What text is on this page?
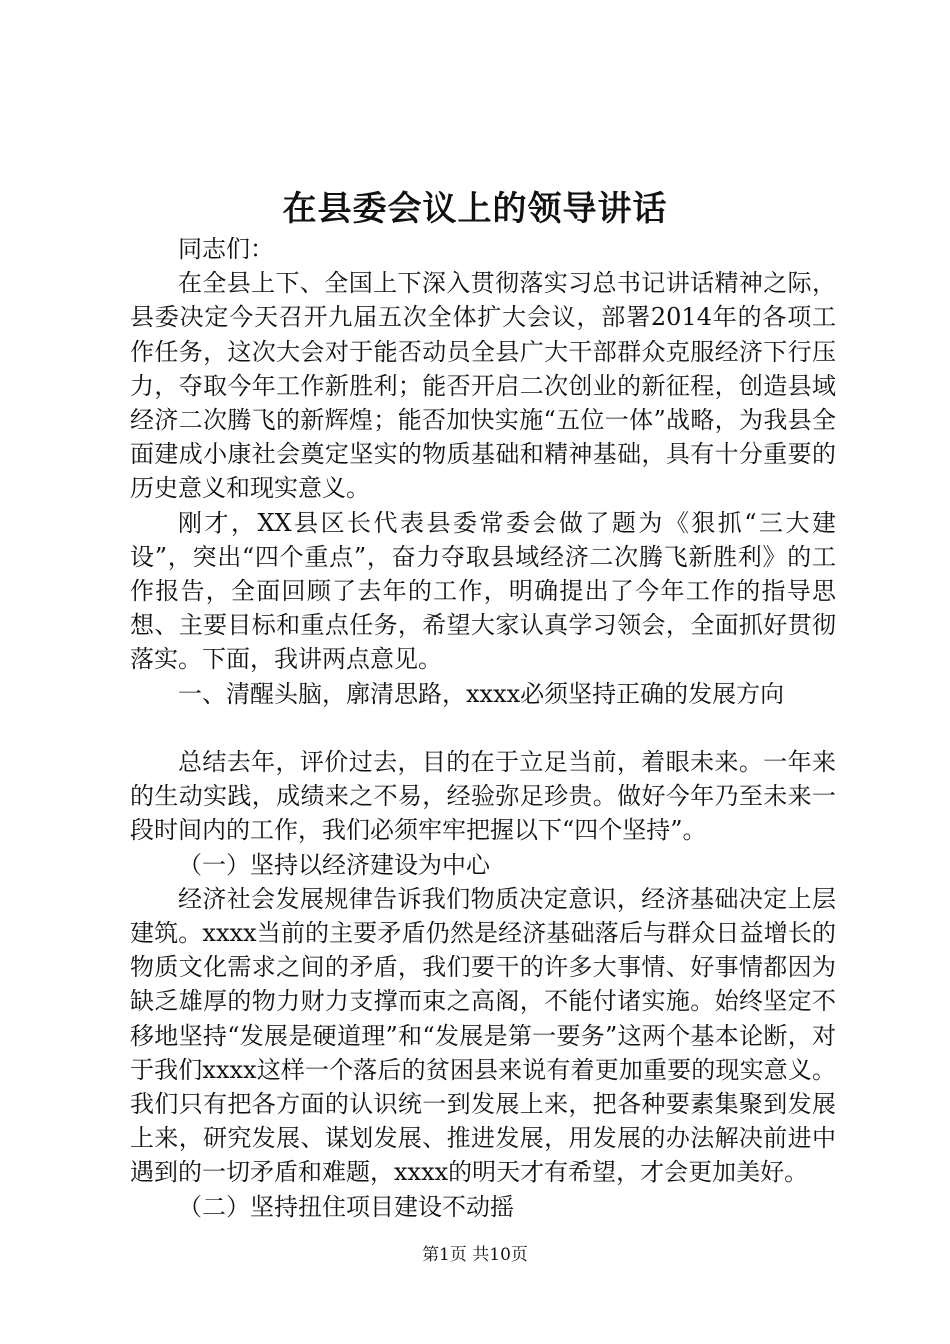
在县委会议上的领导讲话

同志们：

在全县上下、全国上下深入贯彻落实习总书记讲话精神之际，县委决定今天召开九届五次全体扩大会议，部署2014年的各项工作任务，这次大会对于能否动员全县广大干部群众克服经济下行压力，夺取今年工作新胜利；能否开启二次创业的新征程，创造县域经济二次腾飞的新辉煌；能否加快实施“五位一体”战略，为我县全面建成小康社会奠定坚实的物质基础和精神基础，具有十分重要的历史意义和现实意义。

刚才，XX县区长代表县委常委会做了题为《狠抓“三大建设”，突出“四个重点”，奋力夺取县域经济二次腾飞新胜利》的工作报告，全面回顾了去年的工作，明确提出了今年工作的指导思想、主要目标和重点任务，希望大家认真学习领会，全面抓好贯彻落实。下面，我讲两点意见。

一、清醒头脑，廓清思路，xxxx必须坚持正确的发展方向

总结去年，评价过去，目的在于立足当前，着眼未来。一年来的生动实践，成绩来之不易，经验弥足珍贵。做好今年乃至未来一段时间内的工作，我们必须牢牢把握以下“四个坚持”。

（一）坚持以经济建设为中心

经济社会发展规律告诉我们物质决定意识，经济基础决定上层建筑。xxxx当前的主要矛盾仍然是经济基础落后与群众日益增长的物质文化需求之间的矛盾，我们要干的许多大事情、好事情都因为缺乏雄厚的物力财力支撑而束之高阁，不能付诸实施。始终坚定不移地坚持“发展是硬道理”和“发展是第一要务”这两个基本论断，对于我们xxxx这样一个落后的贫困县来说有着更加重要的现实意义。我们只有把各方面的认识统一到发展上来，把各种要素集聚到发展上来，研究发展、谋划发展、推进发展，用发展的办法解决前进中遇到的一切矛盾和难题，xxxx的明天才有希望，才会更加美好。

（二）坚持扭住项目建设不动摇

第1页 共10页
